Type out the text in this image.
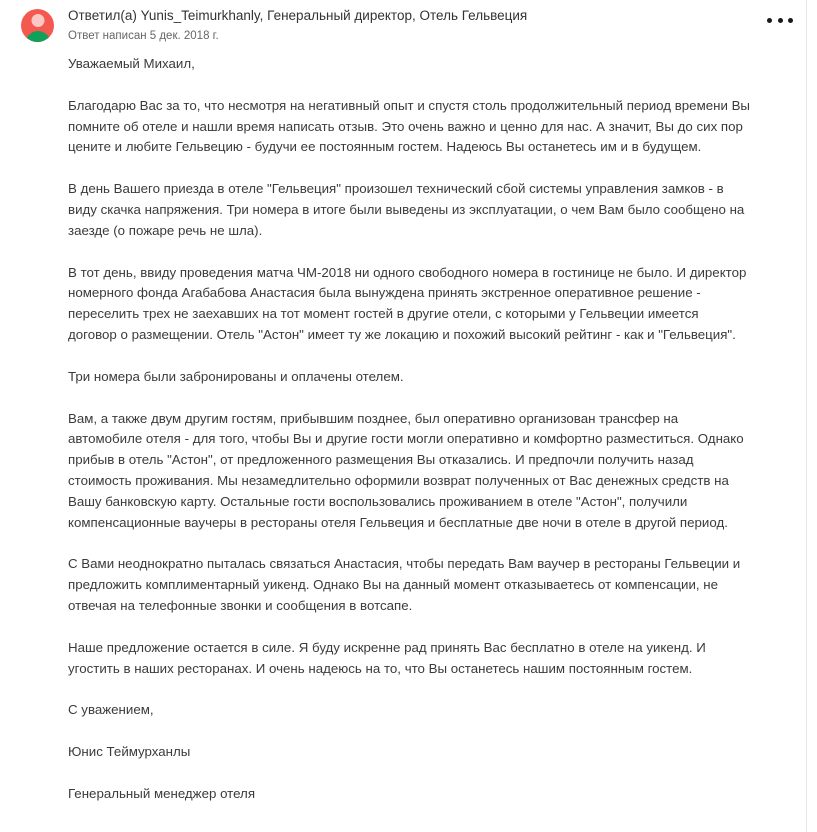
Ответил(а) Yunis_Teimurkhanly, Генеральный директор, Отель Гельвеция
Ответ написан 5 дек. 2018 г.

Уважаемый Михаил,

Благодарю Вас за то, что несмотря на негативный опыт и спустя столь продолжительный период времени Вы помните об отеле и нашли время написать отзыв. Это очень важно и ценно для нас. А значит, Вы до сих пор цените и любите Гельвецию - будучи ее постоянным гостем. Надеюсь Вы останетесь им и в будущем.

В день Вашего приезда в отеле "Гельвеция" произошел технический сбой системы управления замков - в виду скачка напряжения. Три номера в итоге были выведены из эксплуатации, о чем Вам было сообщено на заезде (о пожаре речь не шла).

В тот день, ввиду проведения матча ЧМ-2018 ни одного свободного номера в гостинице не было. И директор номерного фонда Агабабова Анастасия была вынуждена принять экстренное оперативное решение - переселить трех не заехавших на тот момент гостей в другие отели, с которыми у Гельвеции имеется договор о размещении. Отель "Астон" имеет ту же локацию и похожий высокий рейтинг - как и "Гельвеция".

Три номера были забронированы и оплачены отелем.

Вам, а также двум другим гостям, прибывшим позднее, был оперативно организован трансфер на автомобиле отеля - для того, чтобы Вы и другие гости могли оперативно и комфортно разместиться. Однако прибыв в отель "Астон", от предложенного размещения Вы отказались. И предпочли получить назад стоимость проживания. Мы незамедлительно оформили возврат полученных от Вас денежных средств на Вашу банковскую карту. Остальные гости воспользовались проживанием в отеле "Астон", получили компенсационные ваучеры в рестораны отеля Гельвеция и бесплатные две ночи в отеле в другой период.

С Вами неоднократно пыталась связаться Анастасия, чтобы передать Вам ваучер в рестораны Гельвеции и предложить комплиментарный уикенд. Однако Вы на данный момент отказываетесь от компенсации, не отвечая на телефонные звонки и сообщения в вотсапе.

Наше предложение остается в силе. Я буду искренне рад принять Вас бесплатно в отеле на уикенд. И угостить в наших ресторанах. И очень надеюсь на то, что Вы останетесь нашим постоянным гостем.

С уважением,

Юнис Теймурханлы

Генеральный менеджер отеля
